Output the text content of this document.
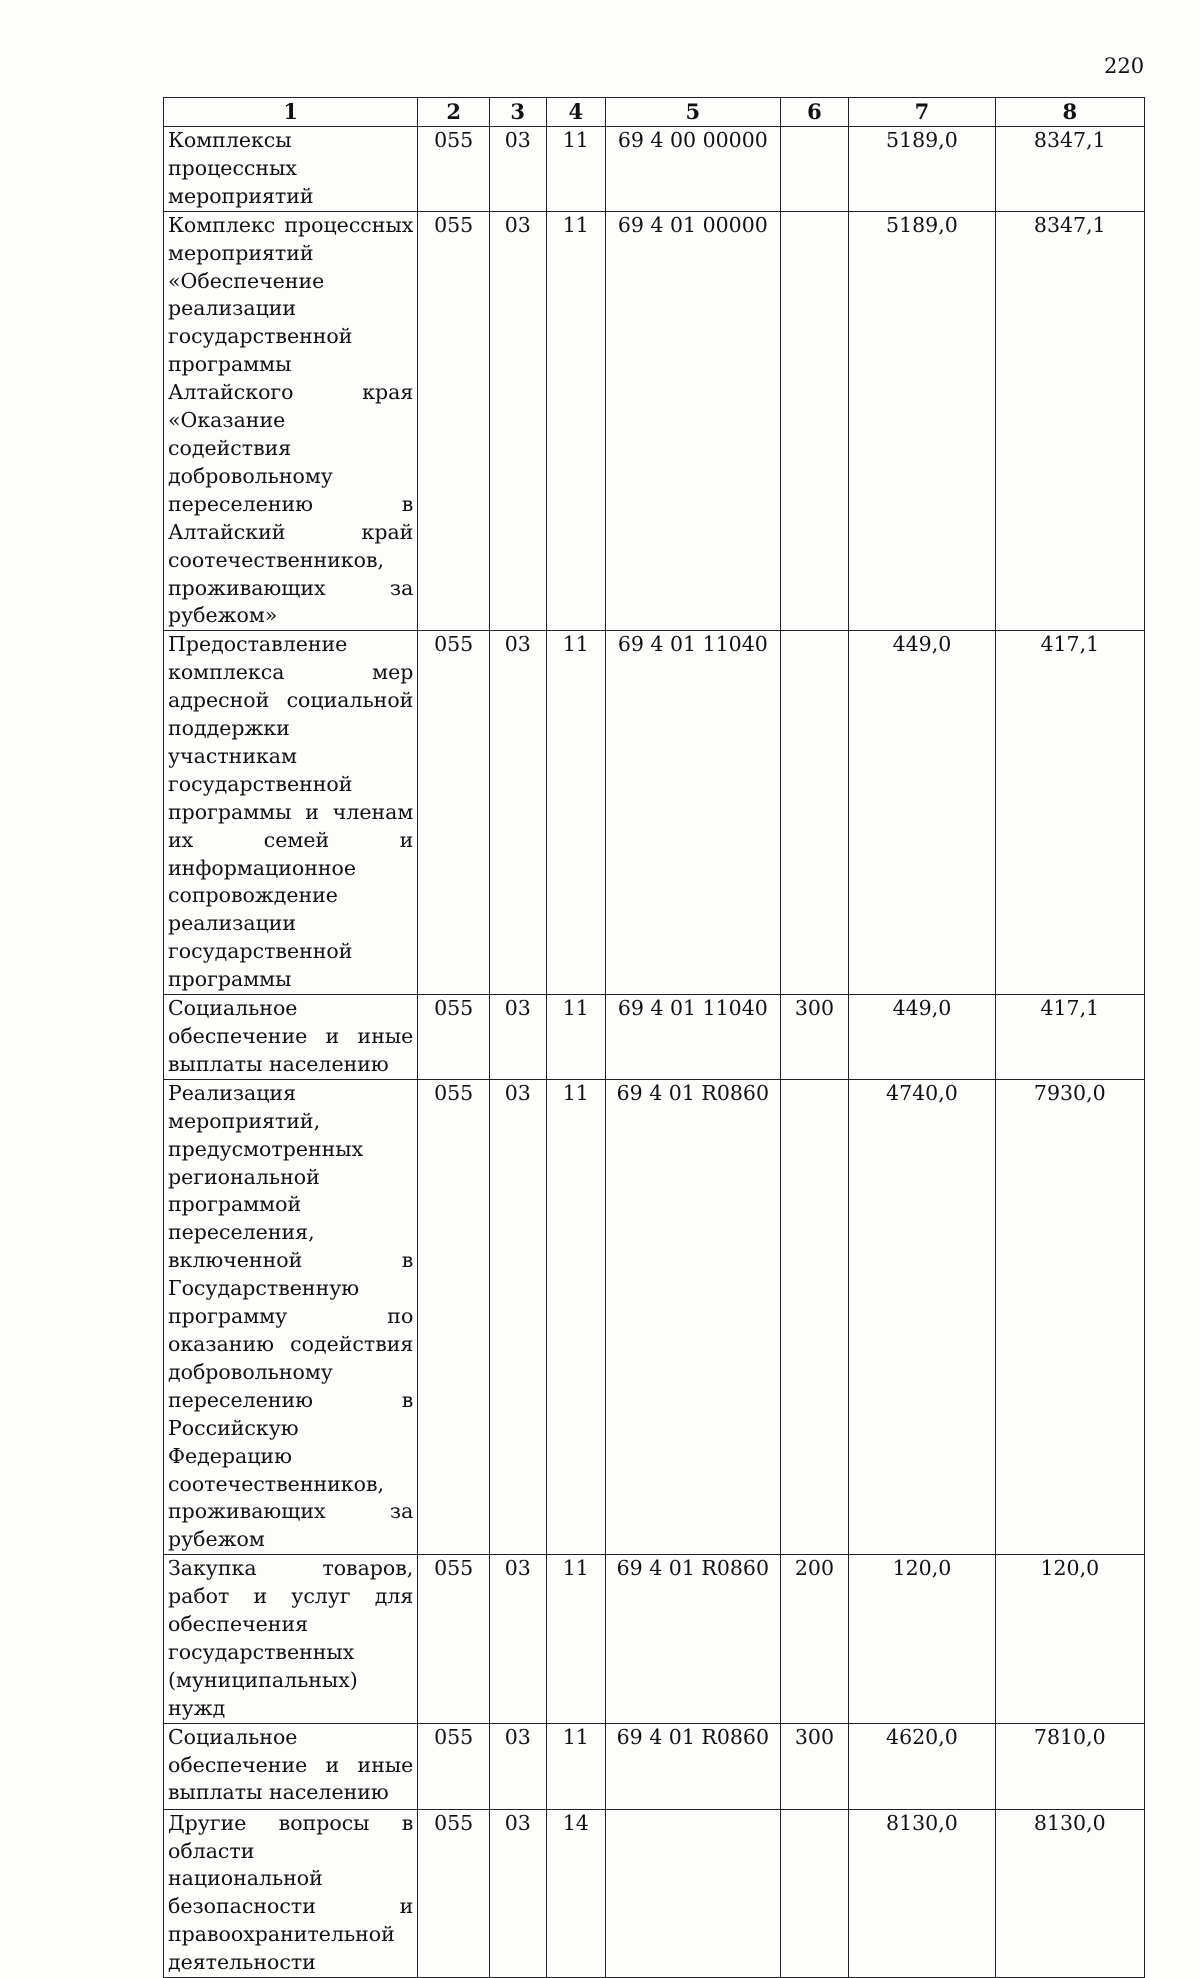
220
1	2	3	4	5	6	7	8
Комплексы процессных мероприятий	055	03	11	69 4 00 00000		5189,0	8347,1
Комплекс процессных мероприятий «Обеспечение реализации государственной программы Алтайского края «Оказание содействия добровольному переселению в Алтайский край соотечественников, проживающих за рубежом»	055	03	11	69 4 01 00000		5189,0	8347,1
Предоставление комплекса мер адресной социальной поддержки участникам государственной программы и членам их семей и информационное сопровождение реализации государственной программы	055	03	11	69 4 01 11040		449,0	417,1
Социальное обеспечение и иные выплаты населению	055	03	11	69 4 01 11040	300	449,0	417,1
Реализация мероприятий, предусмотренных региональной программой переселения, включенной в Государственную программу по оказанию содействия добровольному переселению в Российскую Федерацию соотечественников, проживающих за рубежом	055	03	11	69 4 01 R0860		4740,0	7930,0
Закупка товаров, работ и услуг для обеспечения государственных (муниципальных) нужд	055	03	11	69 4 01 R0860	200	120,0	120,0
Социальное обеспечение и иные выплаты населению	055	03	11	69 4 01 R0860	300	4620,0	7810,0
Другие вопросы в области национальной безопасности и правоохранительной деятельности	055	03	14			8130,0	8130,0
